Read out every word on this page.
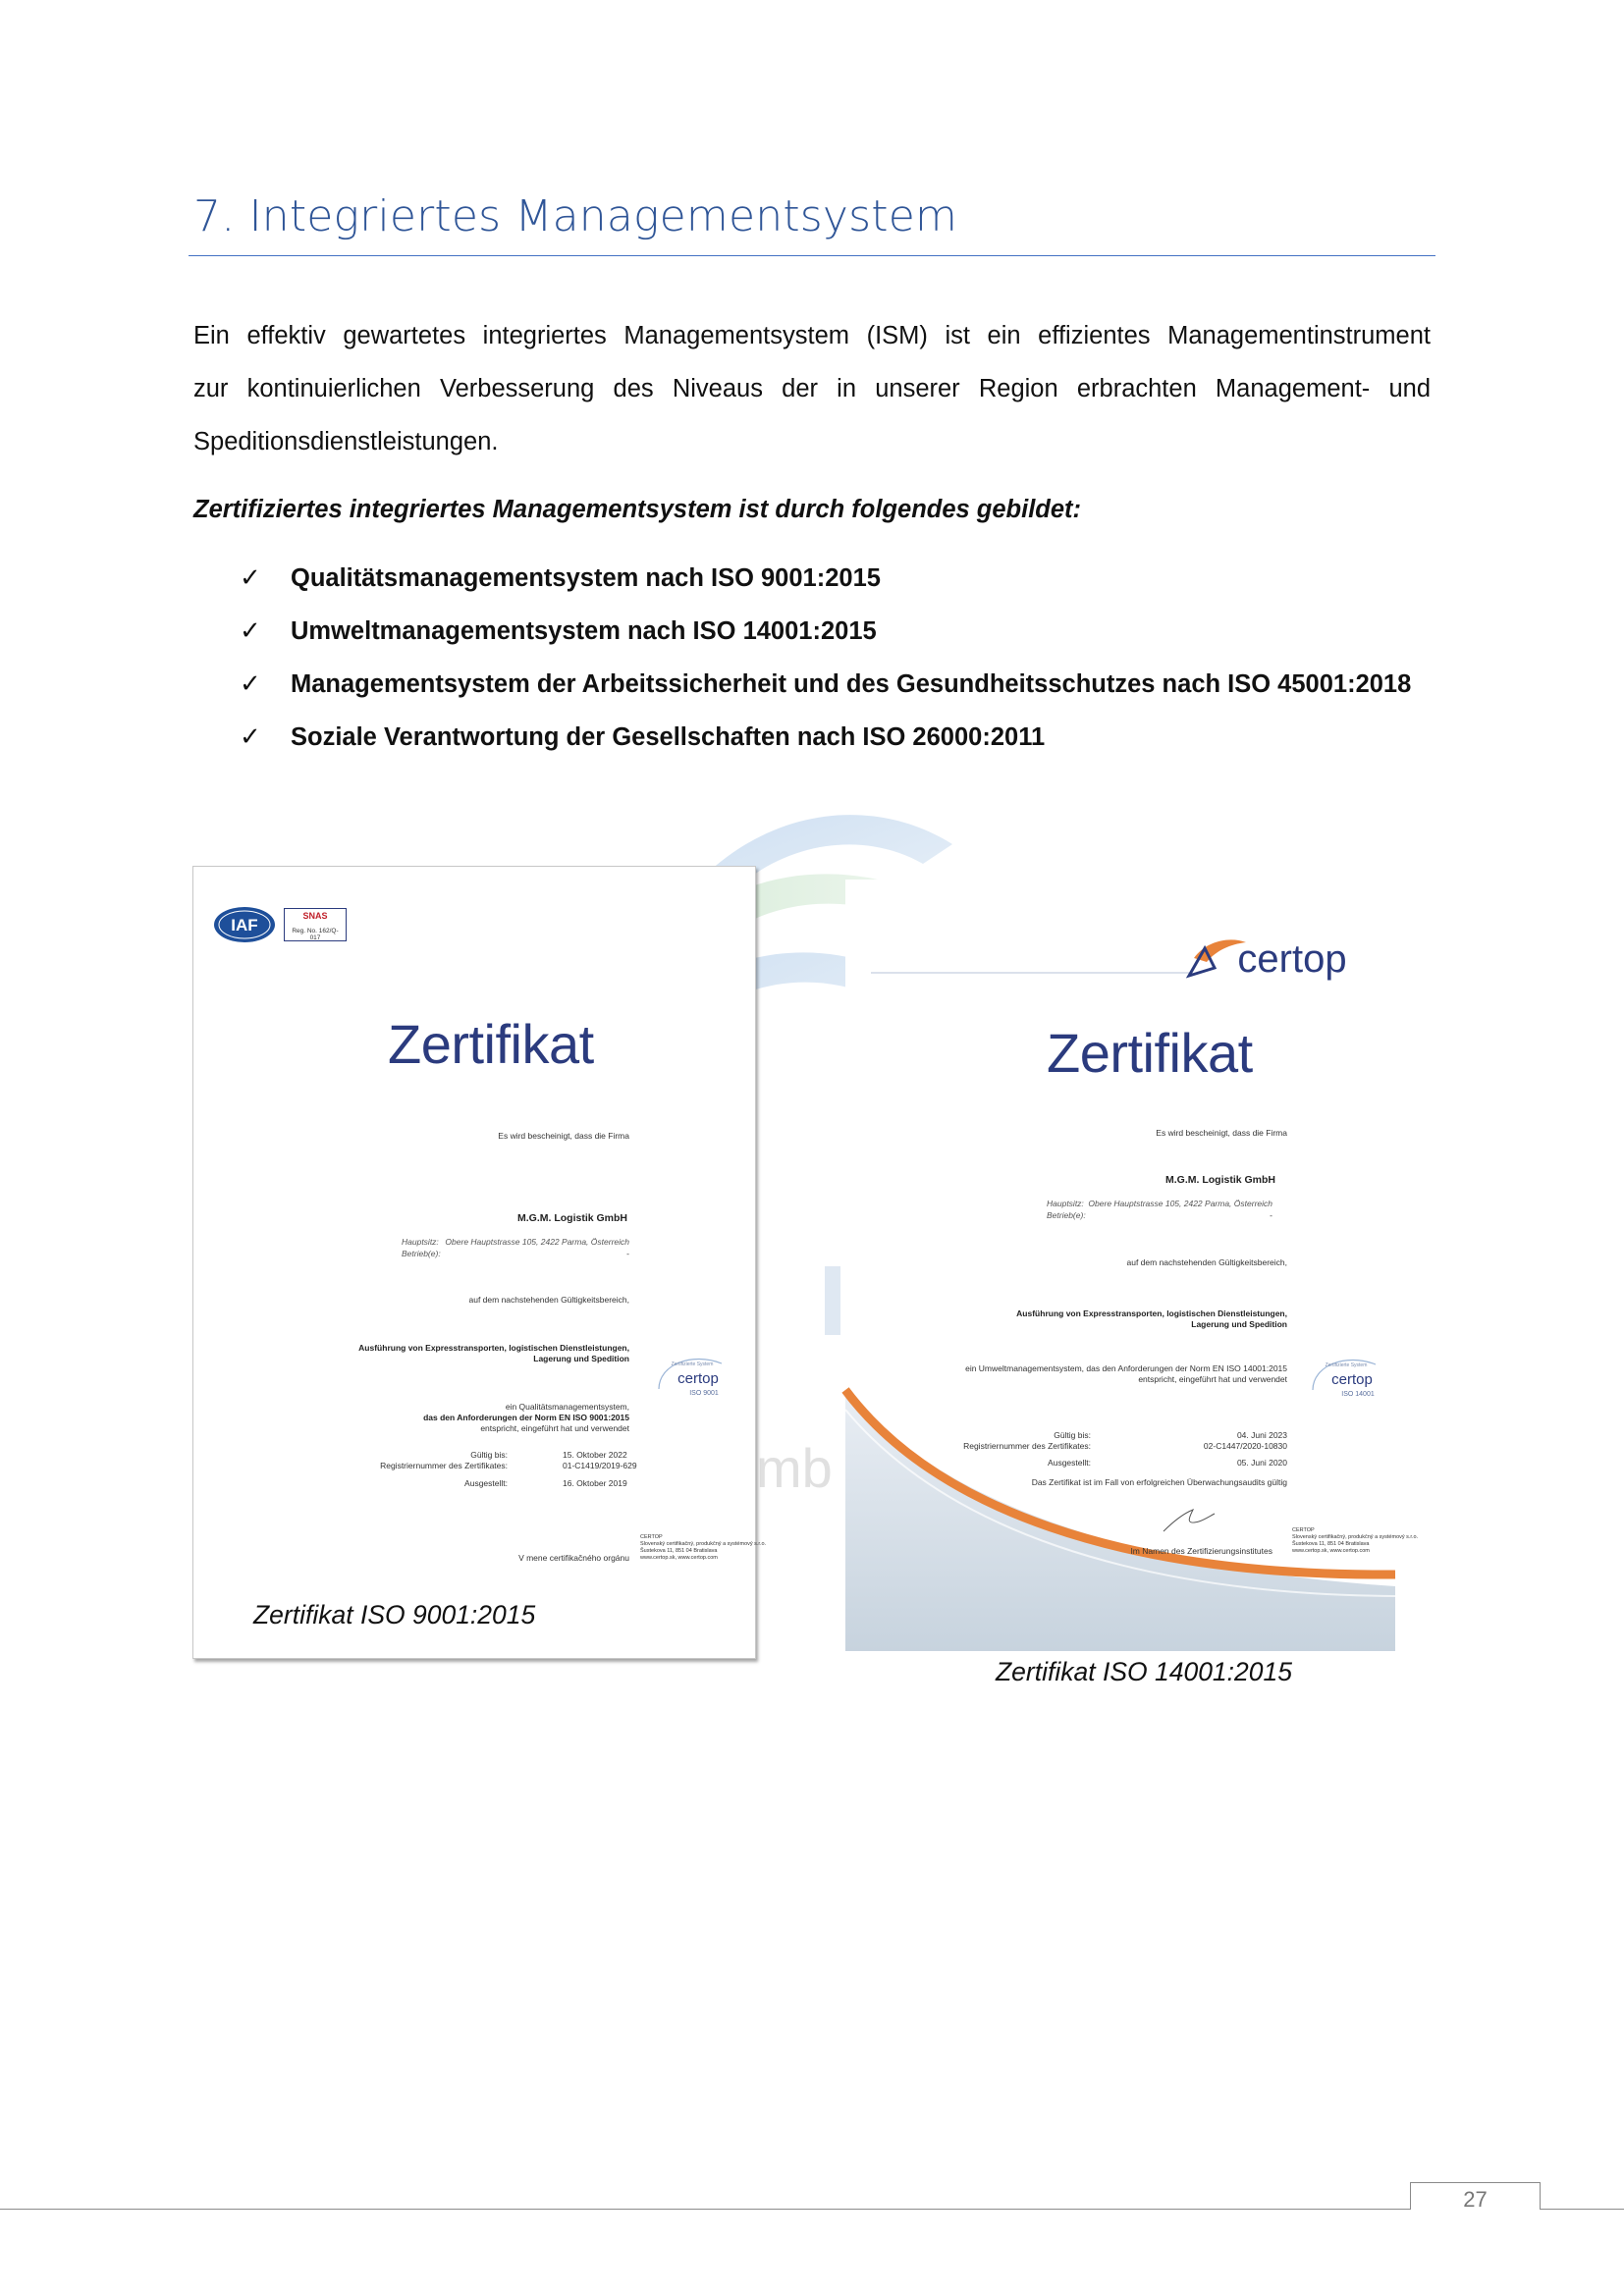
7. Integriertes Managementsystem
Ein effektiv gewartetes integriertes Managementsystem (ISM) ist ein effizientes Managementinstrument
zur kontinuierlichen Verbesserung des Niveaus der in unserer Region erbrachten Management- und
Speditionsdienstleistungen.
Zertifiziertes integriertes Managementsystem ist durch folgendes gebildet:
✓ Qualitätsmanagementsystem nach ISO 9001:2015
✓ Umweltmanagementsystem nach ISO 14001:2015
✓ Managementsystem der Arbeitssicherheit und des Gesundheitsschutzes nach ISO 45001:2018
✓ Soziale Verantwortung der Gesellschaften nach ISO 26000:2011
mb
IAF	SNAS
Reg. No. 162/Q-017
Zertifikat
Es wird bescheinigt, dass die Firma
M.G.M. Logistik GmbH
Hauptsitz: Obere Hauptstrasse 105, 2422 Parma, Österreich
Betrieb(e):	-
auf dem nachstehenden Gültigkeitsbereich,
Ausführung von Expresstransporten, logistischen Dienstleistungen,
Lagerung und Spedition
Zertifizierte System
certop
ISO 9001
ein Qualitätsmanagementsystem,
das den Anforderungen der Norm EN ISO 9001:2015
entspricht, eingeführt hat und verwendet
Gültig bis:	15. Oktober 2022
Registriernummer des Zertifikates:	01-C1419/2019-629
Ausgestellt:	16. Oktober 2019
CERTOP
Slovenský certifikačný, produkčný a systémový s.r.o.
Šustekova 11, 851 04 Bratislava
www.certop.sk, www.certop.com
V mene certifikačného orgánu
Zertifikat ISO 9001:2015
certop
Zertifikat
Es wird bescheinigt, dass die Firma
M.G.M. Logistik GmbH
Hauptsitz: Obere Hauptstrasse 105, 2422 Parma, Österreich
Betrieb(e):	-
auf dem nachstehenden Gültigkeitsbereich,
Ausführung von Expresstransporten, logistischen Dienstleistungen,
Lagerung und Spedition
ein Umweltmanagementsystem, das den Anforderungen der Norm EN ISO 14001:2015
entspricht, eingeführt hat und verwendet
Zertifizierte System
certop
ISO 14001
Gültig bis:	04. Juni 2023
Registriernummer des Zertifikates:	02-C1447/2020-10830
Ausgestellt:	05. Juni 2020
Das Zertifikat ist im Fall von erfolgreichen Überwachungsaudits gültig
CERTOP
Slovenský certifikačný, produkčný a systémový s.r.o.
Šustekova 11, 851 04 Bratislava
www.certop.sk, www.certop.com
Im Namen des Zertifizierungsinstitutes
Zertifikat ISO 14001:2015
27
